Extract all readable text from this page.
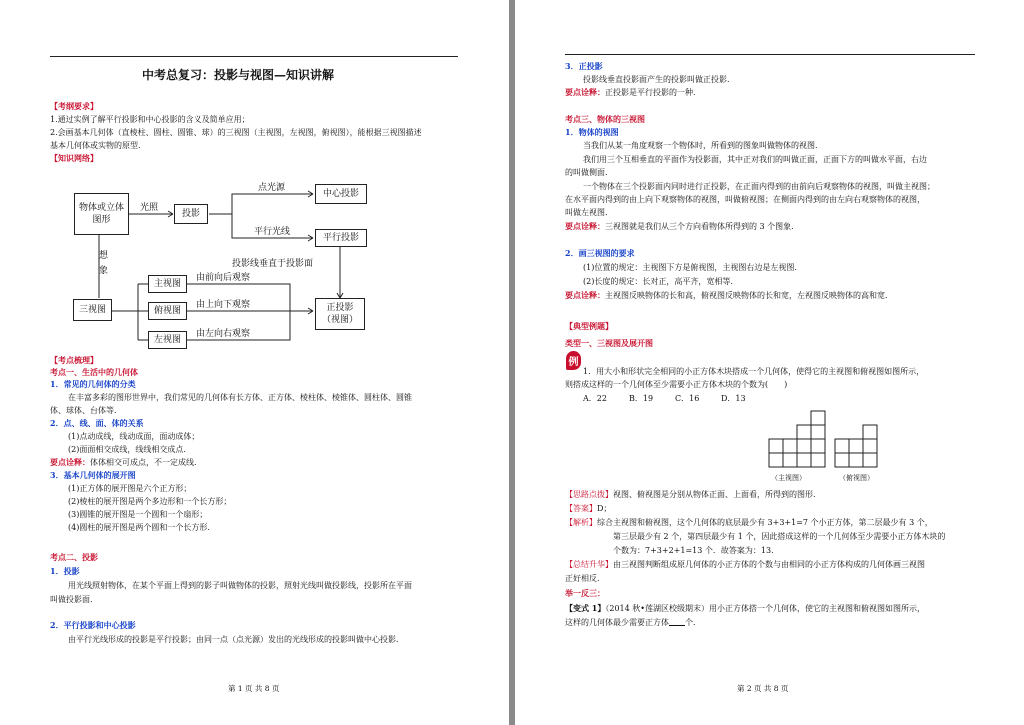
中考总复习：投影与视图—知识讲解
【考纲要求】
1.通过实例了解平行投影和中心投影的含义及简单应用；
2.会画基本几何体（直棱柱、圆柱、圆锥、球）的三视图（主视图，左视图，俯视图），能根据三视图描述
基本几何体或实物的原型.
【知识网络】
物体或立体图形
光照
投影
点光源
中心投影
平行光线
平行投影
想象
投影线垂直于投影面
三视图
主视图
俯视图
左视图
由前向后观察
由上向下观察
由左向右观察
正投影（视图）
【考点梳理】
考点一、生活中的几何体
1．常见的几何体的分类
在丰富多彩的图形世界中，我们常见的几何体有长方体、正方体、棱柱体、棱锥体、圆柱体、圆锥
体、球体、台体等.
2．点、线、面、体的关系
(1)点动成线，线动成面，面动成体；
(2)面面相交成线，线线相交成点.
要点诠释：体体相交可成点，不一定成线.
3．基本几何体的展开图
(1)正方体的展开图是六个正方形；
(2)棱柱的展开图是两个多边形和一个长方形；
(3)圆锥的展开图是一个圆和一个扇形；
(4)圆柱的展开图是两个圆和一个长方形.
考点二、投影
1．投影
用光线照射物体，在某个平面上得到的影子叫做物体的投影，照射光线叫做投影线，投影所在平面
叫做投影面.
2．平行投影和中心投影
由平行光线形成的投影是平行投影；由同一点（点光源）发出的光线形成的投影叫做中心投影.
第 1 页 共 8 页
3．正投影
投影线垂直投影面产生的投影叫做正投影.
要点诠释：正投影是平行投影的一种.
考点三、物体的三视图
1．物体的视图
当我们从某一角度观察一个物体时，所看到的图象叫做物体的视图.
我们用三个互相垂直的平面作为投影面，其中正对我们的叫做正面，正面下方的叫做水平面，右边
的叫做侧面.
一个物体在三个投影面内同时进行正投影，在正面内得到的由前向后观察物体的视图，叫做主视图；
在水平面内得到的由上向下观察物体的视图，叫做俯视图；在侧面内得到的由左向右观察物体的视图，
叫做左视图.
要点诠释：三视图就是我们从三个方向看物体所得到的 3 个图象.
2．画三视图的要求
(1)位置的规定：主视图下方是俯视图，主视图右边是左视图.
(2)长度的规定：长对正，高平齐，宽相等.
要点诠释：主视图反映物体的长和高，俯视图反映物体的长和宽，左视图反映物体的高和宽.
【典型例题】
类型一、三视图及展开图
例
1．用大小和形状完全相同的小正方体木块搭成一个几何体，使得它的主视图和俯视图如图所示，
则搭成这样的一个几何体至少需要小正方体木块的个数为(　　)
A．22	B．19	C．16	D．13
（主视图）	（俯视图）
【思路点拨】视图、俯视图是分别从物体正面、上面看，所得到的图形.
【答案】D；
【解析】综合主视图和俯视图，这个几何体的底层最少有 3+3+1=7 个小正方体，第二层最少有 3 个，
第三层最少有 2 个，第四层最少有 1 个，因此搭成这样的一个几何体至少需要小正方体木块的
个数为：7+3+2+1=13 个．故答案为：13.
【总结升华】由三视图判断组成原几何体的小正方体的个数与由相同的小正方体构成的几何体画三视图
正好相反.
举一反三：
【变式 1】（2014 秋•莲湖区校级期末）用小正方体搭一个几何体，使它的主视图和俯视图如图所示，
这样的几何体最少需要正方体 个.
第 2 页 共 8 页
